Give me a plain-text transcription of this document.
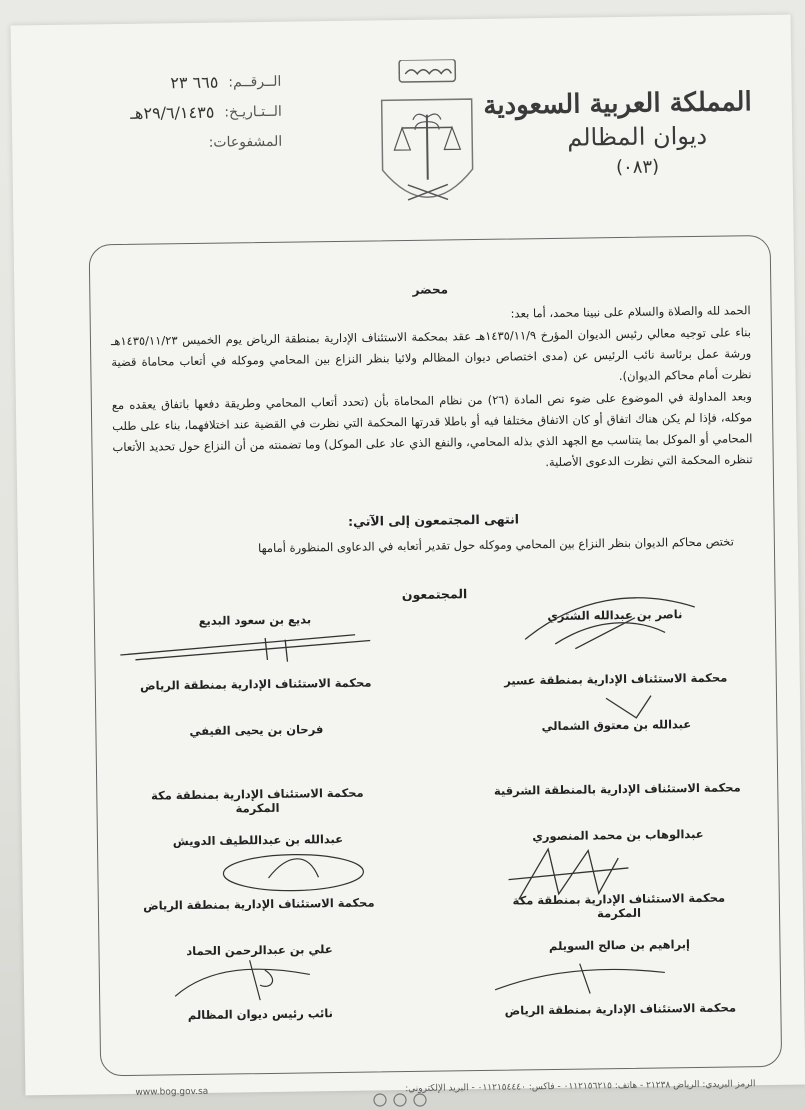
المملكة العربية السعودية
ديوان المظالم
(٠٨٣)
الــرقــم:
٦٦٥ ٢٣
الــتـاريـخ:
٢٩/٦/١٤٣٥هـ
المشفوعات:
محضر
الحمد لله والصلاة والسلام على نبينا محمد، أما بعد:
بناء على توجيه معالي رئيس الديوان المؤرخ ١٤٣٥/١١/٩هـ عقد بمحكمة الاستئناف الإدارية بمنطقة الرياض يوم الخميس ١٤٣٥/١١/٢٣هـ ورشة عمل برئاسة نائب الرئيس عن (مدى اختصاص ديوان المظالم ولائيا بنظر النزاع بين المحامي وموكله في أتعاب محاماة قضية نظرت أمام محاكم الديوان).
وبعد المداولة في الموضوع على ضوء نص المادة (٢٦) من نظام المحاماة بأن (تحدد أتعاب المحامي وطريقة دفعها باتفاق يعقده مع موكله، فإذا لم يكن هناك اتفاق أو كان الاتفاق مختلفا فيه أو باطلا قدرتها المحكمة التي نظرت في القضية عند اختلافهما، بناء على طلب المحامي أو الموكل بما يتناسب مع الجهد الذي بذله المحامي، والنفع الذي عاد على الموكل) وما تضمنته من أن النزاع حول تحديد الأتعاب تنظره المحكمة التي نظرت الدعوى الأصلية.
انتهى المجتمعون إلى الآتي:
تختص محاكم الديوان بنظر النزاع بين المحامي وموكله حول تقدير أتعابه في الدعاوى المنظورة أمامها
المجتمعون
ناصر بن عبدالله الشثري
محكمة الاستئناف الإدارية بمنطقة عسير
بديع بن سعود البديع
محكمة الاستئناف الإدارية بمنطقة الرياض
عبدالله بن معتوق الشمالي
محكمة الاستئناف الإدارية بالمنطقة الشرقية
فرحان بن يحيى الفيفي
محكمة الاستئناف الإدارية بمنطقة مكة المكرمة
عبدالوهاب بن محمد المنصوري
محكمة الاستئناف الإدارية بمنطقة مكة المكرمة
عبدالله بن عبداللطيف الدويش
محكمة الاستئناف الإدارية بمنطقة الرياض
إبراهيم بن صالح السويلم
محكمة الاستئناف الإدارية بمنطقة الرياض
علي بن عبدالرحمن الحماد
نائب رئيس ديوان المظالم
الرمز البريدي: الرياض ٢١٢٣٨ - هاتف: ٠١١٢١٥٦٢١٥ - فاكس: ٠١١٢١٥٤٤٤٠ - البريد الإلكتروني:
www.bog.gov.sa
